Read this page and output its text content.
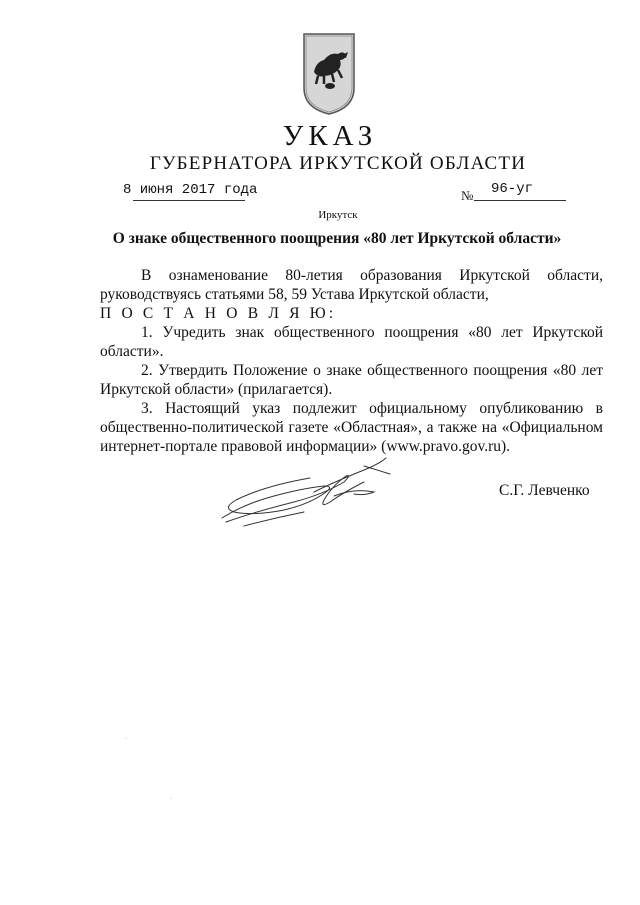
УКАЗ
ГУБЕРНАТОРА ИРКУТСКОЙ ОБЛАСТИ
8 июня 2017 года	№ 96-уг
Иркутск
О знаке общественного поощрения «80 лет Иркутской области»

В ознаменование 80-летия образования Иркутской области,

руководствуясь статьями 58, 59 Устава Иркутской области,

П О С Т А Н О В Л Я Ю:

1. Учредить знак общественного поощрения «80 лет Иркутской

области».

2. Утвердить Положение о знаке общественного поощрения «80 лет

Иркутской области» (прилагается).

3. Настоящий указ подлежит официальному опубликованию в

общественно-политической газете «Областная», а также на «Официальном

интернет-портале правовой информации» (www.pravo.gov.ru).

С.Г. Левченко
·
·
